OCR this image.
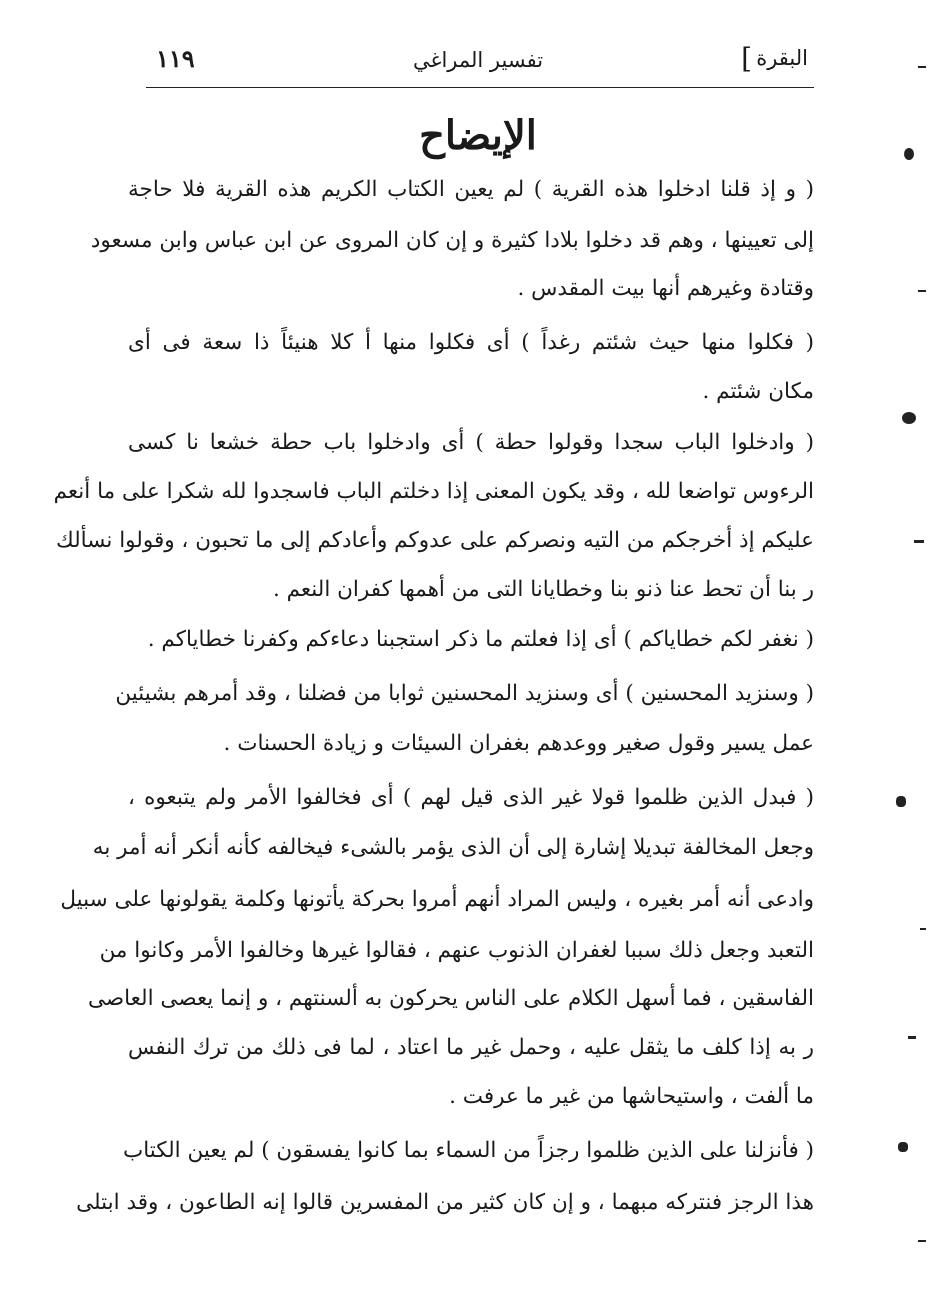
البقرة
]
تفسير المراغي
١١٩
الإيضاح
( و إذ قلنا ادخلوا هذه القرية ) لم يعين الكتاب الكريم هذه القرية فلا حاجة
إلى تعيينها ، وهم قد دخلوا بلادا كثيرة و إن كان المروى عن ابن عباس وابن مسعود
وقتادة وغيرهم أنها بيت المقدس .
( فكلوا منها حيث شئتم رغداً ) أى فكلوا منها أ كلا هنيئاً ذا سعة فى أى
مكان شئتم .
( وادخلوا الباب سجدا وقولوا حطة ) أى وادخلوا باب حطة خشعا نا كسى
الرءوس تواضعا لله ، وقد يكون المعنى إذا دخلتم الباب فاسجدوا لله شكرا على ما أنعم
عليكم إذ أخرجكم من التيه ونصركم على عدوكم وأعادكم إلى ما تحبون ، وقولوا نسألك
ر بنا أن تحط عنا ذنو بنا وخطايانا التى من أهمها كفران النعم .
( نغفر لكم خطاياكم ) أى إذا فعلتم ما ذكر استجبنا دعاءكم وكفرنا خطاياكم .
( وسنزيد المحسنين ) أى وسنزيد المحسنين ثوابا من فضلنا ، وقد أمرهم بشيئين
عمل يسير وقول صغير ووعدهم بغفران السيئات و زيادة الحسنات .
( فبدل الذين ظلموا قولا غير الذى قيل لهم ) أى فخالفوا الأمر ولم يتبعوه ،
وجعل المخالفة تبديلا إشارة إلى أن الذى يؤمر بالشىء فيخالفه كأنه أنكر أنه أمر به
وادعى أنه أمر بغيره ، وليس المراد أنهم أمروا بحركة يأتونها وكلمة يقولونها على سبيل
التعبد وجعل ذلك سببا لغفران الذنوب عنهم ، فقالوا غيرها وخالفوا الأمر وكانوا من
الفاسقين ، فما أسهل الكلام على الناس يحركون به ألسنتهم ، و إنما يعصى العاصى
ر به إذا كلف ما يثقل عليه ، وحمل غير ما اعتاد ، لما فى ذلك من ترك النفس
ما ألفت ، واستيحاشها من غير ما عرفت .
( فأنزلنا على الذين ظلموا رجزاً من السماء بما كانوا يفسقون ) لم يعين الكتاب
هذا الرجز فنتركه مبهما ، و إن كان كثير من المفسرين قالوا إنه الطاعون ، وقد ابتلى
